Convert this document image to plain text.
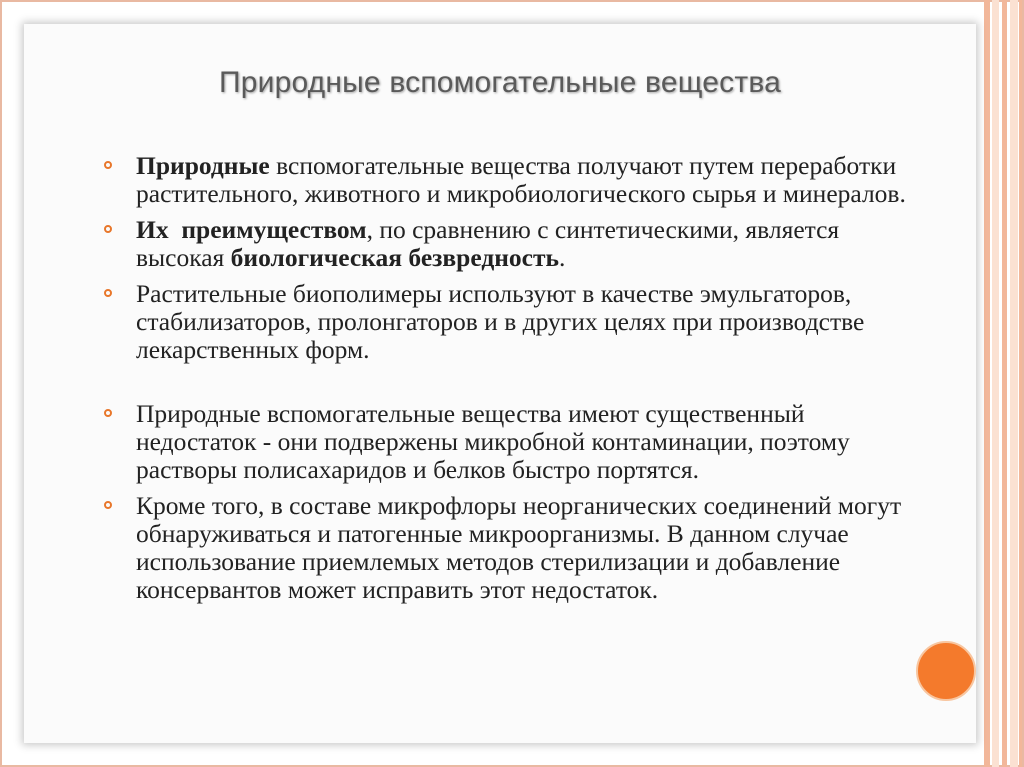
Природные вспомогательные вещества
Природные вспомогательные вещества получают путем переработки растительного, животного и микробиологического сырья и минералов.
Их  преимуществом, по сравнению с синтетическими, является высокая биологическая безвредность.
Растительные биополимеры используют в качестве эмульгаторов, стабилизаторов, пролонгаторов и в других целях при производстве лекарственных форм.
Природные вспомогательные вещества имеют существенный недостаток - они подвержены микробной контаминации, поэтому растворы полисахаридов и белков быстро портятся.
Кроме того, в составе микрофлоры неорганических соединений могут обнаруживаться и патогенные микроорганизмы. В данном случае использование приемлемых методов стерилизации и добавление консервантов может исправить этот недостаток.
